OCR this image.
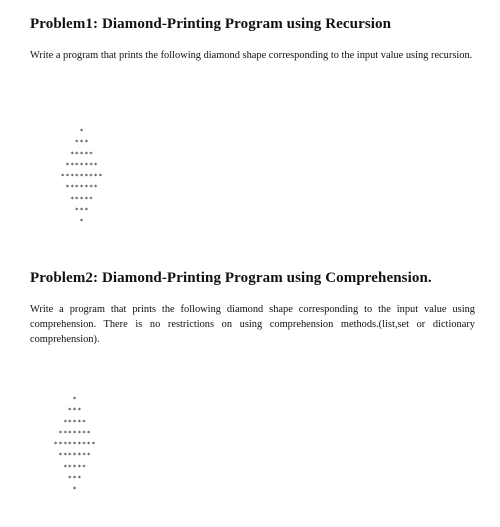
Problem1: Diamond-Printing Program using Recursion

Write a program that prints the following diamond shape corresponding to the input value using recursion.

*
***
*****
*******
*********
*******
*****
***
*
Problem2: Diamond-Printing Program using Comprehension.

Write a program that prints the following diamond shape corresponding to the input value using comprehension. There is no restrictions on using comprehension methods.(list,set or dictionary comprehension).

*
***
*****
*******
*********
*******
*****
***
*
